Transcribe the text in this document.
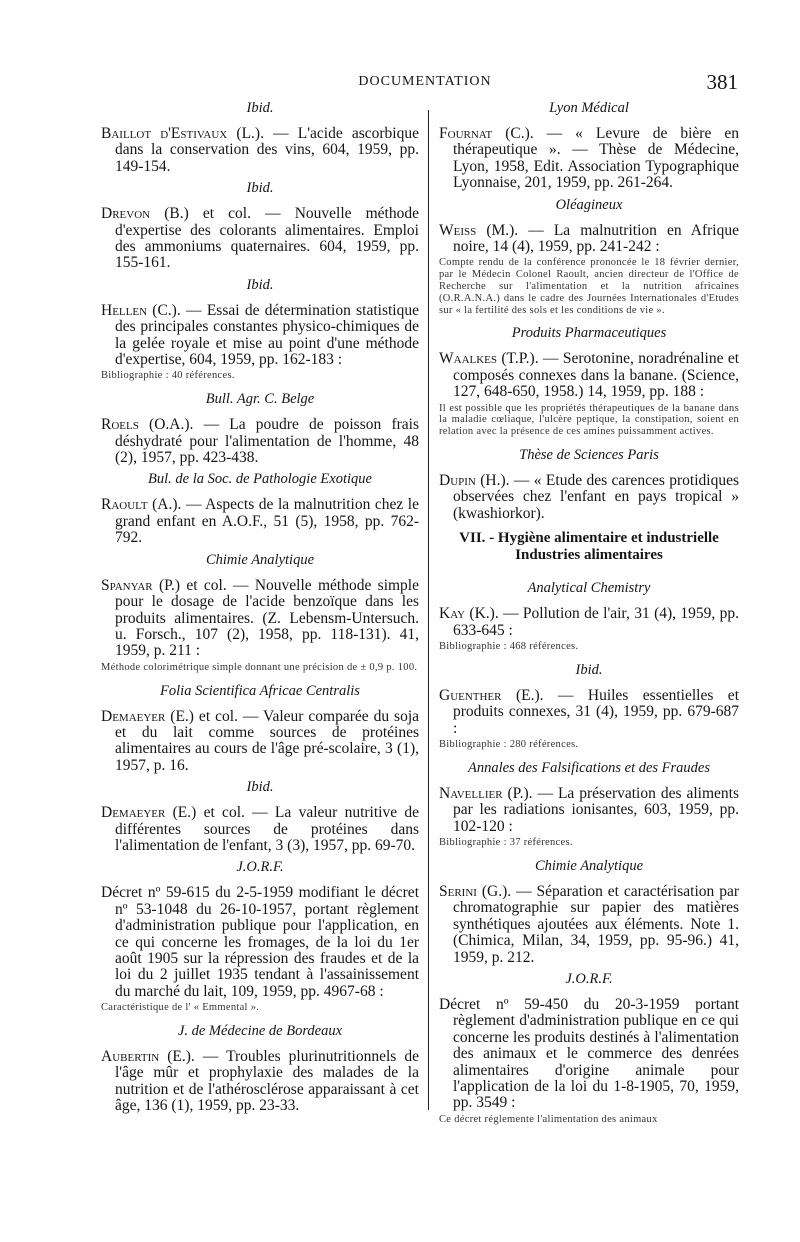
DOCUMENTATION	381
Ibid.
Baillot d'Estivaux (L.). — L'acide ascorbique dans la conservation des vins, 604, 1959, pp. 149-154.
Ibid.
Drevon (B.) et col. — Nouvelle méthode d'expertise des colorants alimentaires. Emploi des ammoniums quaternaires. 604, 1959, pp. 155-161.
Ibid.
Hellen (C.). — Essai de détermination statistique des principales constantes physico-chimiques de la gelée royale et mise au point d'une méthode d'expertise, 604, 1959, pp. 162-183 :
Bibliographie : 40 références.
Bull. Agr. C. Belge
Roels (O.A.). — La poudre de poisson frais déshydraté pour l'alimentation de l'homme, 48 (2), 1957, pp. 423-438.
Bul. de la Soc. de Pathologie Exotique
Raoult (A.). — Aspects de la malnutrition chez le grand enfant en A.O.F., 51 (5), 1958, pp. 762-792.
Chimie Analytique
Spanyar (P.) et col. — Nouvelle méthode simple pour le dosage de l'acide benzoïque dans les produits alimentaires. (Z. Lebensm-Untersuch. u. Forsch., 107 (2), 1958, pp. 118-131). 41, 1959, p. 211 :
Méthode colorimétrique simple donnant une précision de ± 0,9 p. 100.
Folia Scientifica Africae Centralis
Demaeyer (E.) et col. — Valeur comparée du soja et du lait comme sources de protéines alimentaires au cours de l'âge pré-scolaire, 3 (1), 1957, p. 16.
Ibid.
Demaeyer (E.) et col. — La valeur nutritive de différentes sources de protéines dans l'alimentation de l'enfant, 3 (3), 1957, pp. 69-70.
J.O.R.F.
Décret nº 59-615 du 2-5-1959 modifiant le décret nº 53-1048 du 26-10-1957, portant règlement d'administration publique pour l'application, en ce qui concerne les fromages, de la loi du 1er août 1905 sur la répression des fraudes et de la loi du 2 juillet 1935 tendant à l'assainissement du marché du lait, 109, 1959, pp. 4967-68 :
Caractéristique de l' « Emmental ».
J. de Médecine de Bordeaux
Aubertin (E.). — Troubles plurinutritionnels de l'âge mûr et prophylaxie des malades de la nutrition et de l'athérosclérose apparaissant à cet âge, 136 (1), 1959, pp. 23-33.
Lyon Médical
Fournat (C.). — « Levure de bière en thérapeutique ». — Thèse de Médecine, Lyon, 1958, Edit. Association Typographique Lyonnaise, 201, 1959, pp. 261-264.
Oléagineux
Weiss (M.). — La malnutrition en Afrique noire, 14 (4), 1959, pp. 241-242 :
Compte rendu de la conférence prononcée le 18 février dernier, par le Médecin Colonel Raoult, ancien directeur de l'Office de Recherche sur l'alimentation et la nutrition africaines (O.R.A.N.A.) dans le cadre des Journées Internationales d'Etudes sur « la fertilité des sols et les conditions de vie ».
Produits Pharmaceutiques
Waalkes (T.P.). — Serotonine, noradrénaline et composés connexes dans la banane. (Science, 127, 648-650, 1958.) 14, 1959, pp. 188 :
Il est possible que les propriétés thérapeutiques de la banane dans la maladie cœliaque, l'ulcère peptique, la constipation, soient en relation avec la présence de ces amines puissamment actives.
Thèse de Sciences Paris
Dupin (H.). — « Etude des carences protidiques observées chez l'enfant en pays tropical » (kwashiorkor).
VII. - Hygiène alimentaire et industrielle Industries alimentaires
Analytical Chemistry
Kay (K.). — Pollution de l'air, 31 (4), 1959, pp. 633-645 :
Bibliographie : 468 références.
Ibid.
Guenther (E.). — Huiles essentielles et produits connexes, 31 (4), 1959, pp. 679-687 :
Bibliographie : 280 références.
Annales des Falsifications et des Fraudes
Navellier (P.). — La préservation des aliments par les radiations ionisantes, 603, 1959, pp. 102-120 :
Bibliographie : 37 références.
Chimie Analytique
Serini (G.). — Séparation et caractérisation par chromatographie sur papier des matières synthétiques ajoutées aux éléments. Note 1. (Chimica, Milan, 34, 1959, pp. 95-96.) 41, 1959, p. 212.
J.O.R.F.
Décret nº 59-450 du 20-3-1959 portant règlement d'administration publique en ce qui concerne les produits destinés à l'alimentation des animaux et le commerce des denrées alimentaires d'origine animale pour l'application de la loi du 1-8-1905, 70, 1959, pp. 3549 :
Ce décret réglemente l'alimentation des animaux
